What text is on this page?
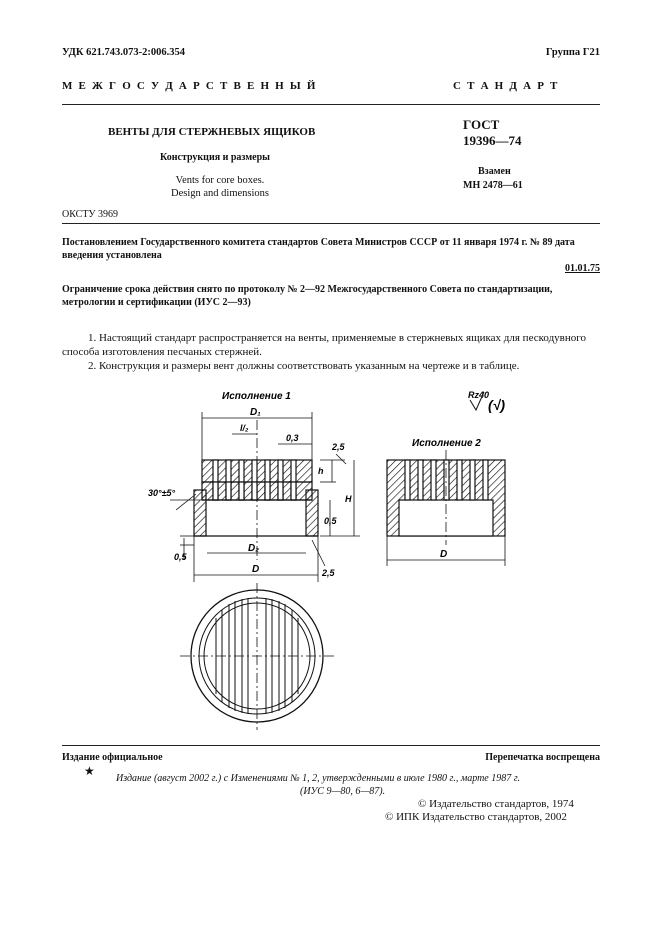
УДК 621.743.073-2:006.354	Группа Г21
М Е Ж Г О С У Д А Р С Т В Е Н Н Ы Й	С Т А Н Д А Р Т
ВЕНТЫ ДЛЯ СТЕРЖНЕВЫХ ЯЩИКОВ
Конструкция и размеры
Vents for core boxes.
Design and dimensions
ГОСТ
19396—74
Взамен
МН 2478—61
ОКСТУ 3969
Постановлением Государственного комитета стандартов Совета Министров СССР от 11 января 1974 г. № 89 дата введения установлена
01.01.75
Ограничение срока действия снято по протоколу № 2—92 Межгосударственного Совета по стандартизации, метрологии и сертификации (ИУС 2—93)
1. Настоящий стандарт распространяется на венты, применяемые в стержневых ящиках для пескодувного способа изготовления песчаных стержней.
2. Конструкция и размеры вент должны соответствовать указанным на чертеже и в таблице.
Исполнение 1
D₁
l/₂
0,3
2,5
h
H
0,5
30°±5°
0,5
D₂
D	2,5
Rz40
(√)
Исполнение 2
D
Издание официальное	Перепечатка воспрещена
★
Издание (август 2002 г.) с Изменениями № 1, 2, утвержденными в июле 1980 г., марте 1987 г.
(ИУС 9—80, 6—87).
© Издательство стандартов, 1974
© ИПК Издательство стандартов, 2002
